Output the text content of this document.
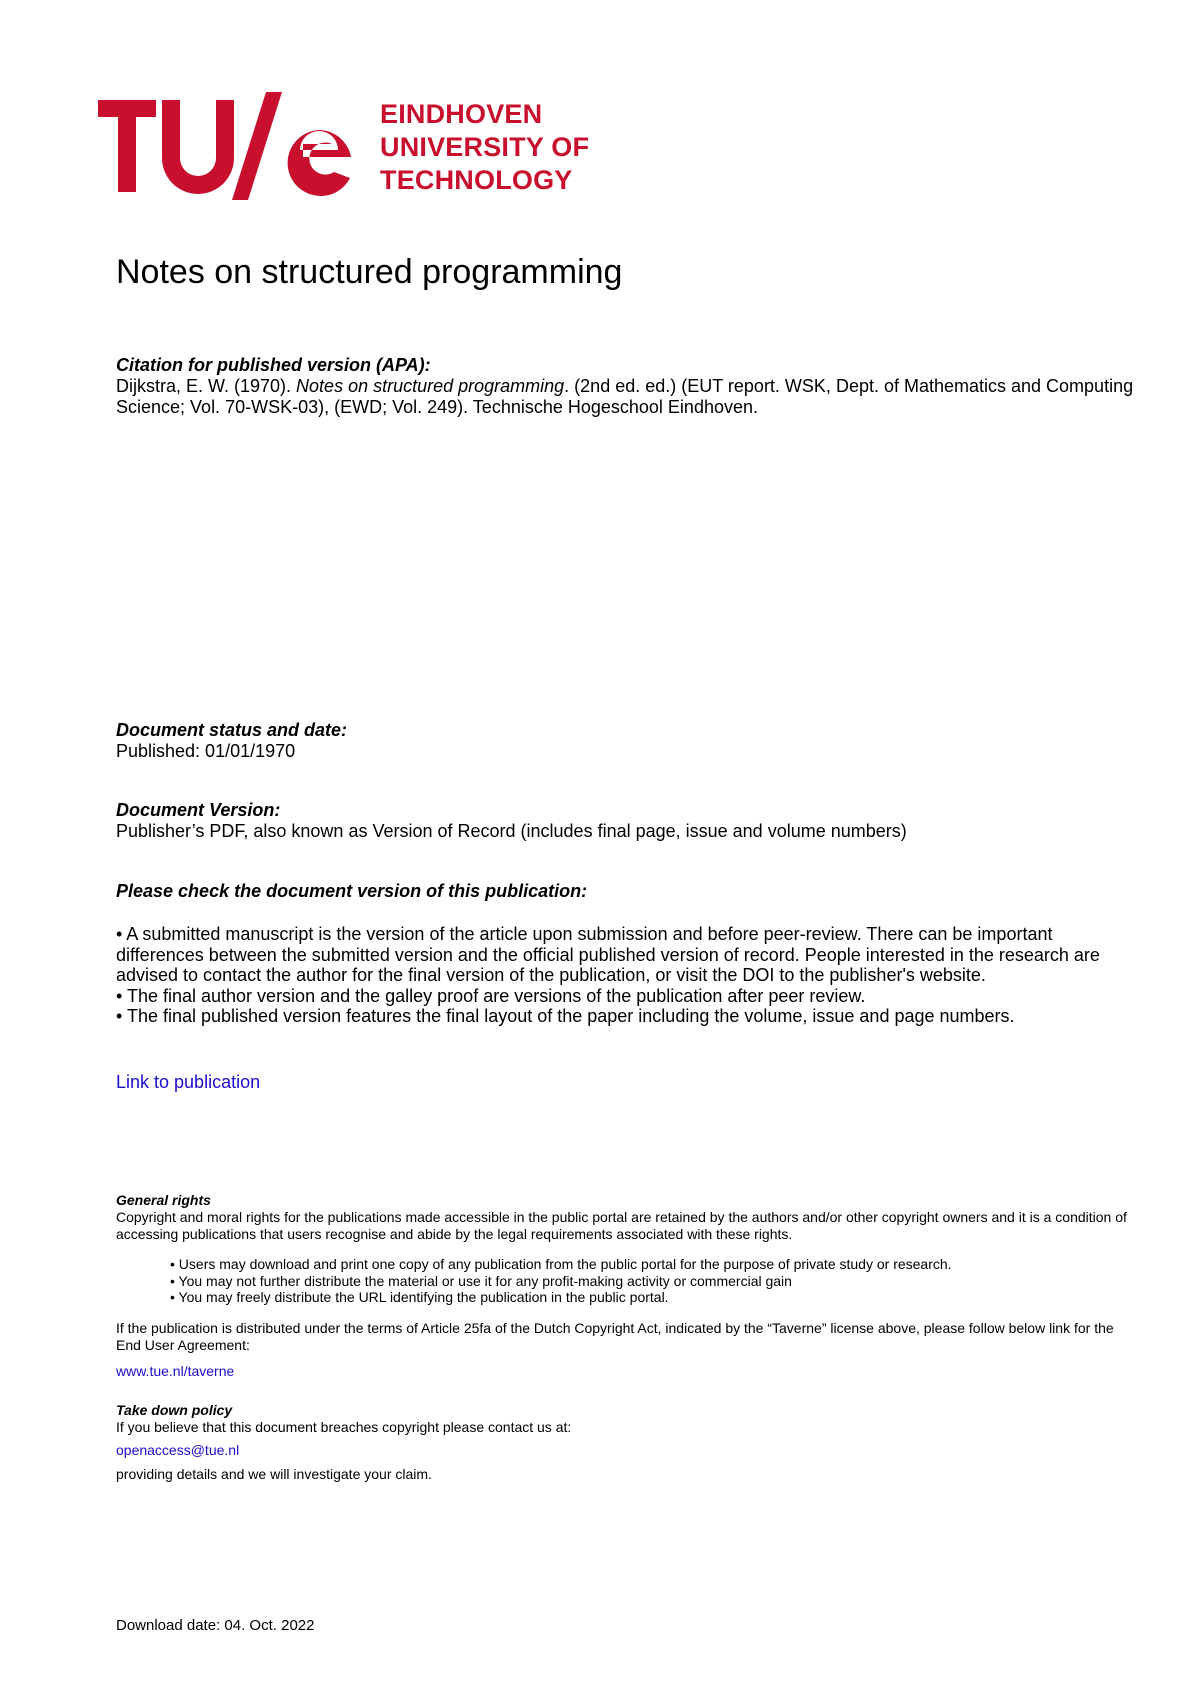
EINDHOVEN
UNIVERSITY OF
TECHNOLOGY
Notes on structured programming
Citation for published version (APA):
Dijkstra, E. W. (1970). Notes on structured programming. (2nd ed. ed.) (EUT report. WSK, Dept. of Mathematics and Computing Science; Vol. 70-WSK-03), (EWD; Vol. 249). Technische Hogeschool Eindhoven.
Document status and date:
Published: 01/01/1970
Document Version:
Publisher’s PDF, also known as Version of Record (includes final page, issue and volume numbers)
Please check the document version of this publication:
• A submitted manuscript is the version of the article upon submission and before peer-review. There can be important differences between the submitted version and the official published version of record. People interested in the research are advised to contact the author for the final version of the publication, or visit the DOI to the publisher's website.
• The final author version and the galley proof are versions of the publication after peer review.
• The final published version features the final layout of the paper including the volume, issue and page numbers.
Link to publication
General rights
Copyright and moral rights for the publications made accessible in the public portal are retained by the authors and/or other copyright owners and it is a condition of accessing publications that users recognise and abide by the legal requirements associated with these rights.
• Users may download and print one copy of any publication from the public portal for the purpose of private study or research.
• You may not further distribute the material or use it for any profit-making activity or commercial gain
• You may freely distribute the URL identifying the publication in the public portal.
If the publication is distributed under the terms of Article 25fa of the Dutch Copyright Act, indicated by the “Taverne” license above, please follow below link for the End User Agreement:
www.tue.nl/taverne
Take down policy
If you believe that this document breaches copyright please contact us at:
openaccess@tue.nl
providing details and we will investigate your claim.
Download date: 04. Oct. 2022
